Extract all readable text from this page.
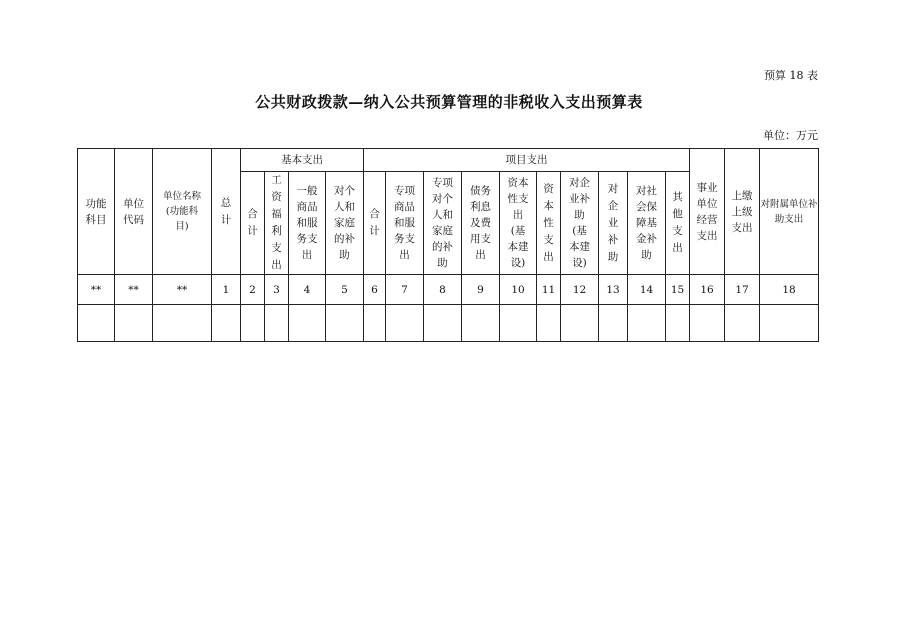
预算 18 表
公共财政拨款—纳入公共预算管理的非税收入支出预算表
单位：万元
功能科目	单位代码	单位名称(功能科目)	总计	基本支出				项目支出										事业单位经营支出	上缴上级支出	对附属单位补助支出
				合计	工资福利支出	一般商品和服务支出	对个人和家庭的补助	合计	专项商品和服务支出	专项对个人和家庭的补助	债务利息及费用支出	资本性支出(基本建设)	资本性支出	对企业补助(基本建设)	对企业补助	对社会保障基金补助	其他支出			
**	**	**	1	2	3	4	5	6	7	8	9	10	11	12	13	14	15	16	17	18
